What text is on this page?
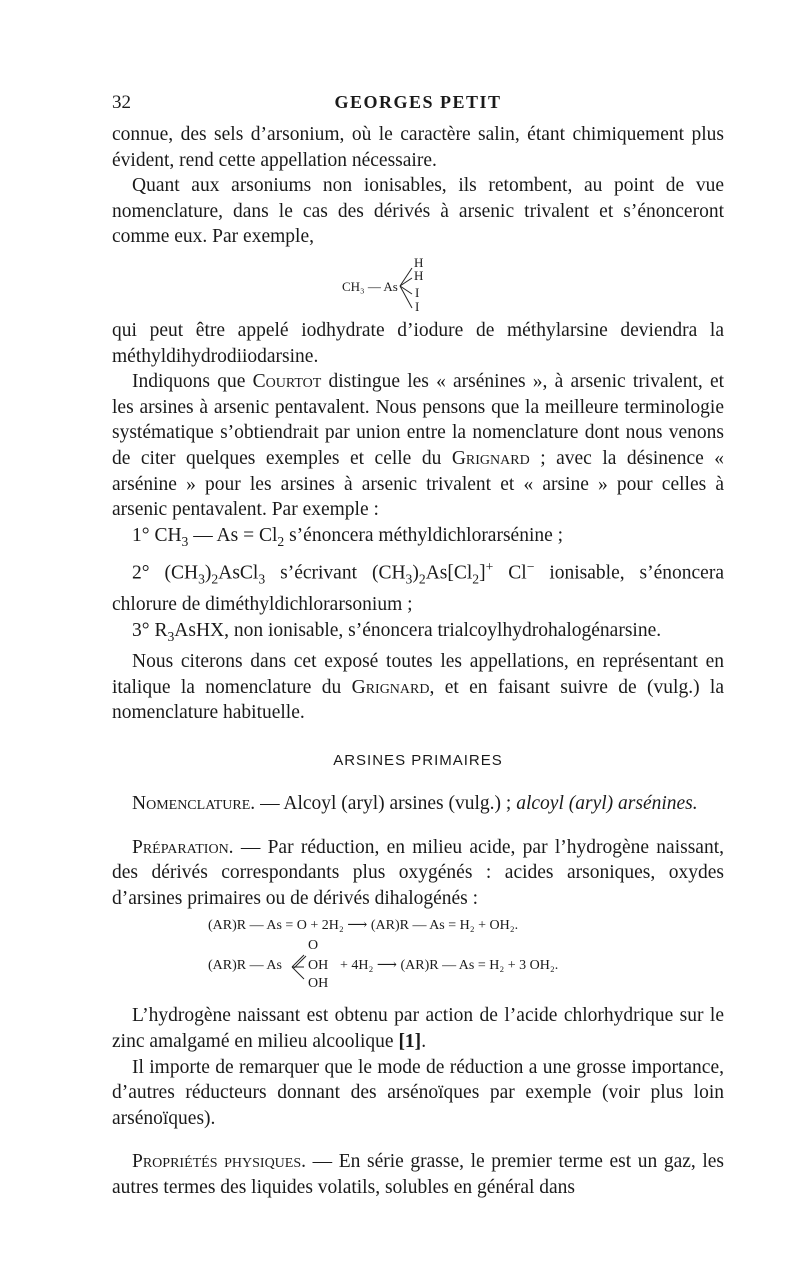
32	GEORGES PETIT

connue, des sels d’arsonium, où le caractère salin, étant chimiquement plus évident, rend cette appellation nécessaire.

Quant aux arsoniums non ionisables, ils retombent, au point de vue nomenclature, dans le cas des dérivés à arsenic trivalent et s’énonceront comme eux. Par exemple,

CH₃ — As
H
H
I
I

qui peut être appelé iodhydrate d’iodure de méthylarsine deviendra la méthyldihydrodiiodarsine.

Indiquons que Courtot distingue les « arsénines », à arsenic trivalent, et les arsines à arsenic pentavalent. Nous pensons que la meilleure terminologie systématique s’obtiendrait par union entre la nomenclature dont nous venons de citer quelques exemples et celle du Grignard ; avec la désinence « arsénine » pour les arsines à arsenic trivalent et « arsine » pour celles à arsenic pentavalent. Par exemple :

1° $CH_3$ — $As = Cl_2$ s’énoncera méthyldichlorarsénine ;

2° $(CH_3)_2AsCl_3$ s’écrivant $(CH_3)_2As[Cl_2]^+$ Cl− ionisable, s’énoncera chlorure de diméthyldichlorarsonium ;

3° $R_3AsHX$, non ionisable, s’énoncera trialcoylhydrohalogénarsine.

Nous citerons dans cet exposé toutes les appellations, en représentant en italique la nomenclature du Grignard, et en faisant suivre de (vulg.) la nomenclature habituelle.

ARSINES PRIMAIRES

Nomenclature. — Alcoyl (aryl) arsines (vulg.) ; alcoyl (aryl) arsénines.

Préparation. — Par réduction, en milieu acide, par l’hydrogène naissant, des dérivés correspondants plus oxygénés : acides arsoniques, oxydes d’arsines primaires ou de dérivés dihalogénés :

(AR)R — As = O + 2H₂ ⟶ (AR)R — As = H₂ + OH₂.
(AR)R — As
O
OH
OH
+ 4H₂ ⟶ (AR)R — As = H₂ + 3 OH₂.

L’hydrogène naissant est obtenu par action de l’acide chlorhydrique sur le zinc amalgamé en milieu alcoolique [1].

Il importe de remarquer que le mode de réduction a une grosse importance, d’autres réducteurs donnant des arsénoïques par exemple (voir plus loin arsénoïques).

Propriétés physiques. — En série grasse, le premier terme est un gaz, les autres termes des liquides volatils, solubles en général dans
